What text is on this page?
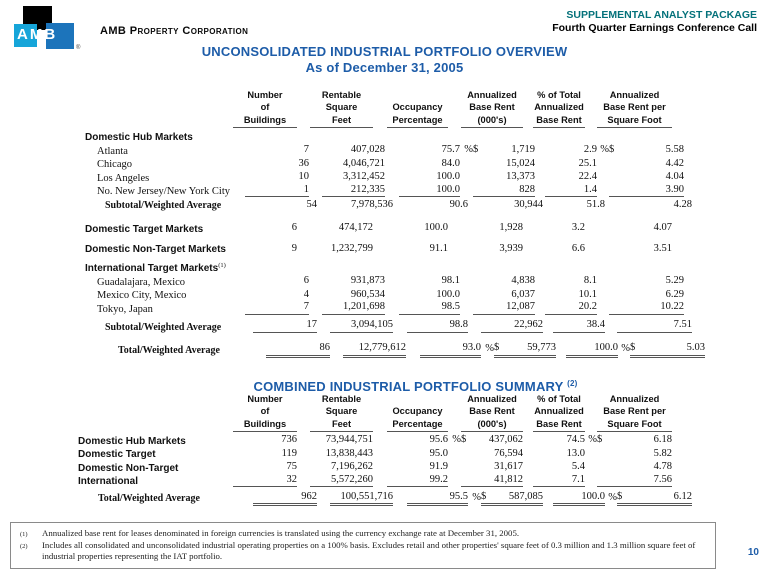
AMB
®
AMB Property Corporation
SUPPLEMENTAL ANALYST PACKAGE
Fourth Quarter Earnings Conference Call
UNCONSOLIDATED INDUSTRIAL PORTFOLIO OVERVIEW
As of December 31, 2005
Number
of
Buildings
Rentable
Square
Feet
Occupancy
Percentage
Annualized
Base Rent
(000's)
% of Total
Annualized
Base Rent
Annualized
Base Rent per
Square Foot
Domestic Hub Markets
Atlanta	7	407,028	75.7 % $	1,719	2.9 % $	5.58
Chicago	36	4,046,721	84.0	15,024	25.1	4.42
Los Angeles	10	3,312,452	100.0	13,373	22.4	4.04
No. New Jersey/New York City	1	212,335	100.0	828	1.4	3.90
Subtotal/Weighted Average	54	7,978,536	90.6	30,944	51.8	4.28
Domestic Target Markets	6	474,172	100.0	1,928	3.2	4.07
Domestic Non-Target Markets	9	1,232,799	91.1	3,939	6.6	3.51
International Target Markets$^{(1)}$
Guadalajara, Mexico	6	931,873	98.1	4,838	8.1	5.29
Mexico City, Mexico	4	960,534	100.0	6,037	10.1	6.29
Tokyo, Japan	7	1,201,698	98.5	12,087	20.2	10.22
Subtotal/Weighted Average	17	3,094,105	98.8	22,962	38.4	7.51
Total/Weighted Average	86	12,779,612	93.0 % $	59,773	100.0 % $	5.03
COMBINED INDUSTRIAL PORTFOLIO SUMMARY $^{(2)}$
Number
of
Buildings
Rentable
Square
Feet
Occupancy
Percentage
Annualized
Base Rent
(000's)
% of Total
Annualized
Base Rent
Annualized
Base Rent per
Square Foot
Domestic Hub Markets	736	73,944,751	95.6 % $ 437,062	74.5 % $	6.18
Domestic Target	119	13,838,443	95.0	76,594	13.0	5.82
Domestic Non-Target	75	7,196,262	91.9	31,617	5.4	4.78
International	32	5,572,260	99.2	41,812	7.1	7.56
Total/Weighted Average	962 100,551,716	95.5 % $ 587,085	100.0 % $	6.12
(1)	Annualized base rent for leases denominated in foreign currencies is translated using the currency exchange rate at December 31, 2005.
(2)	Includes all consolidated and unconsolidated industrial operating properties on a 100% basis. Excludes retail and other properties' square feet of 0.3 million and 1.3 million square feet of industrial properties representing the IAT portfolio.	10
